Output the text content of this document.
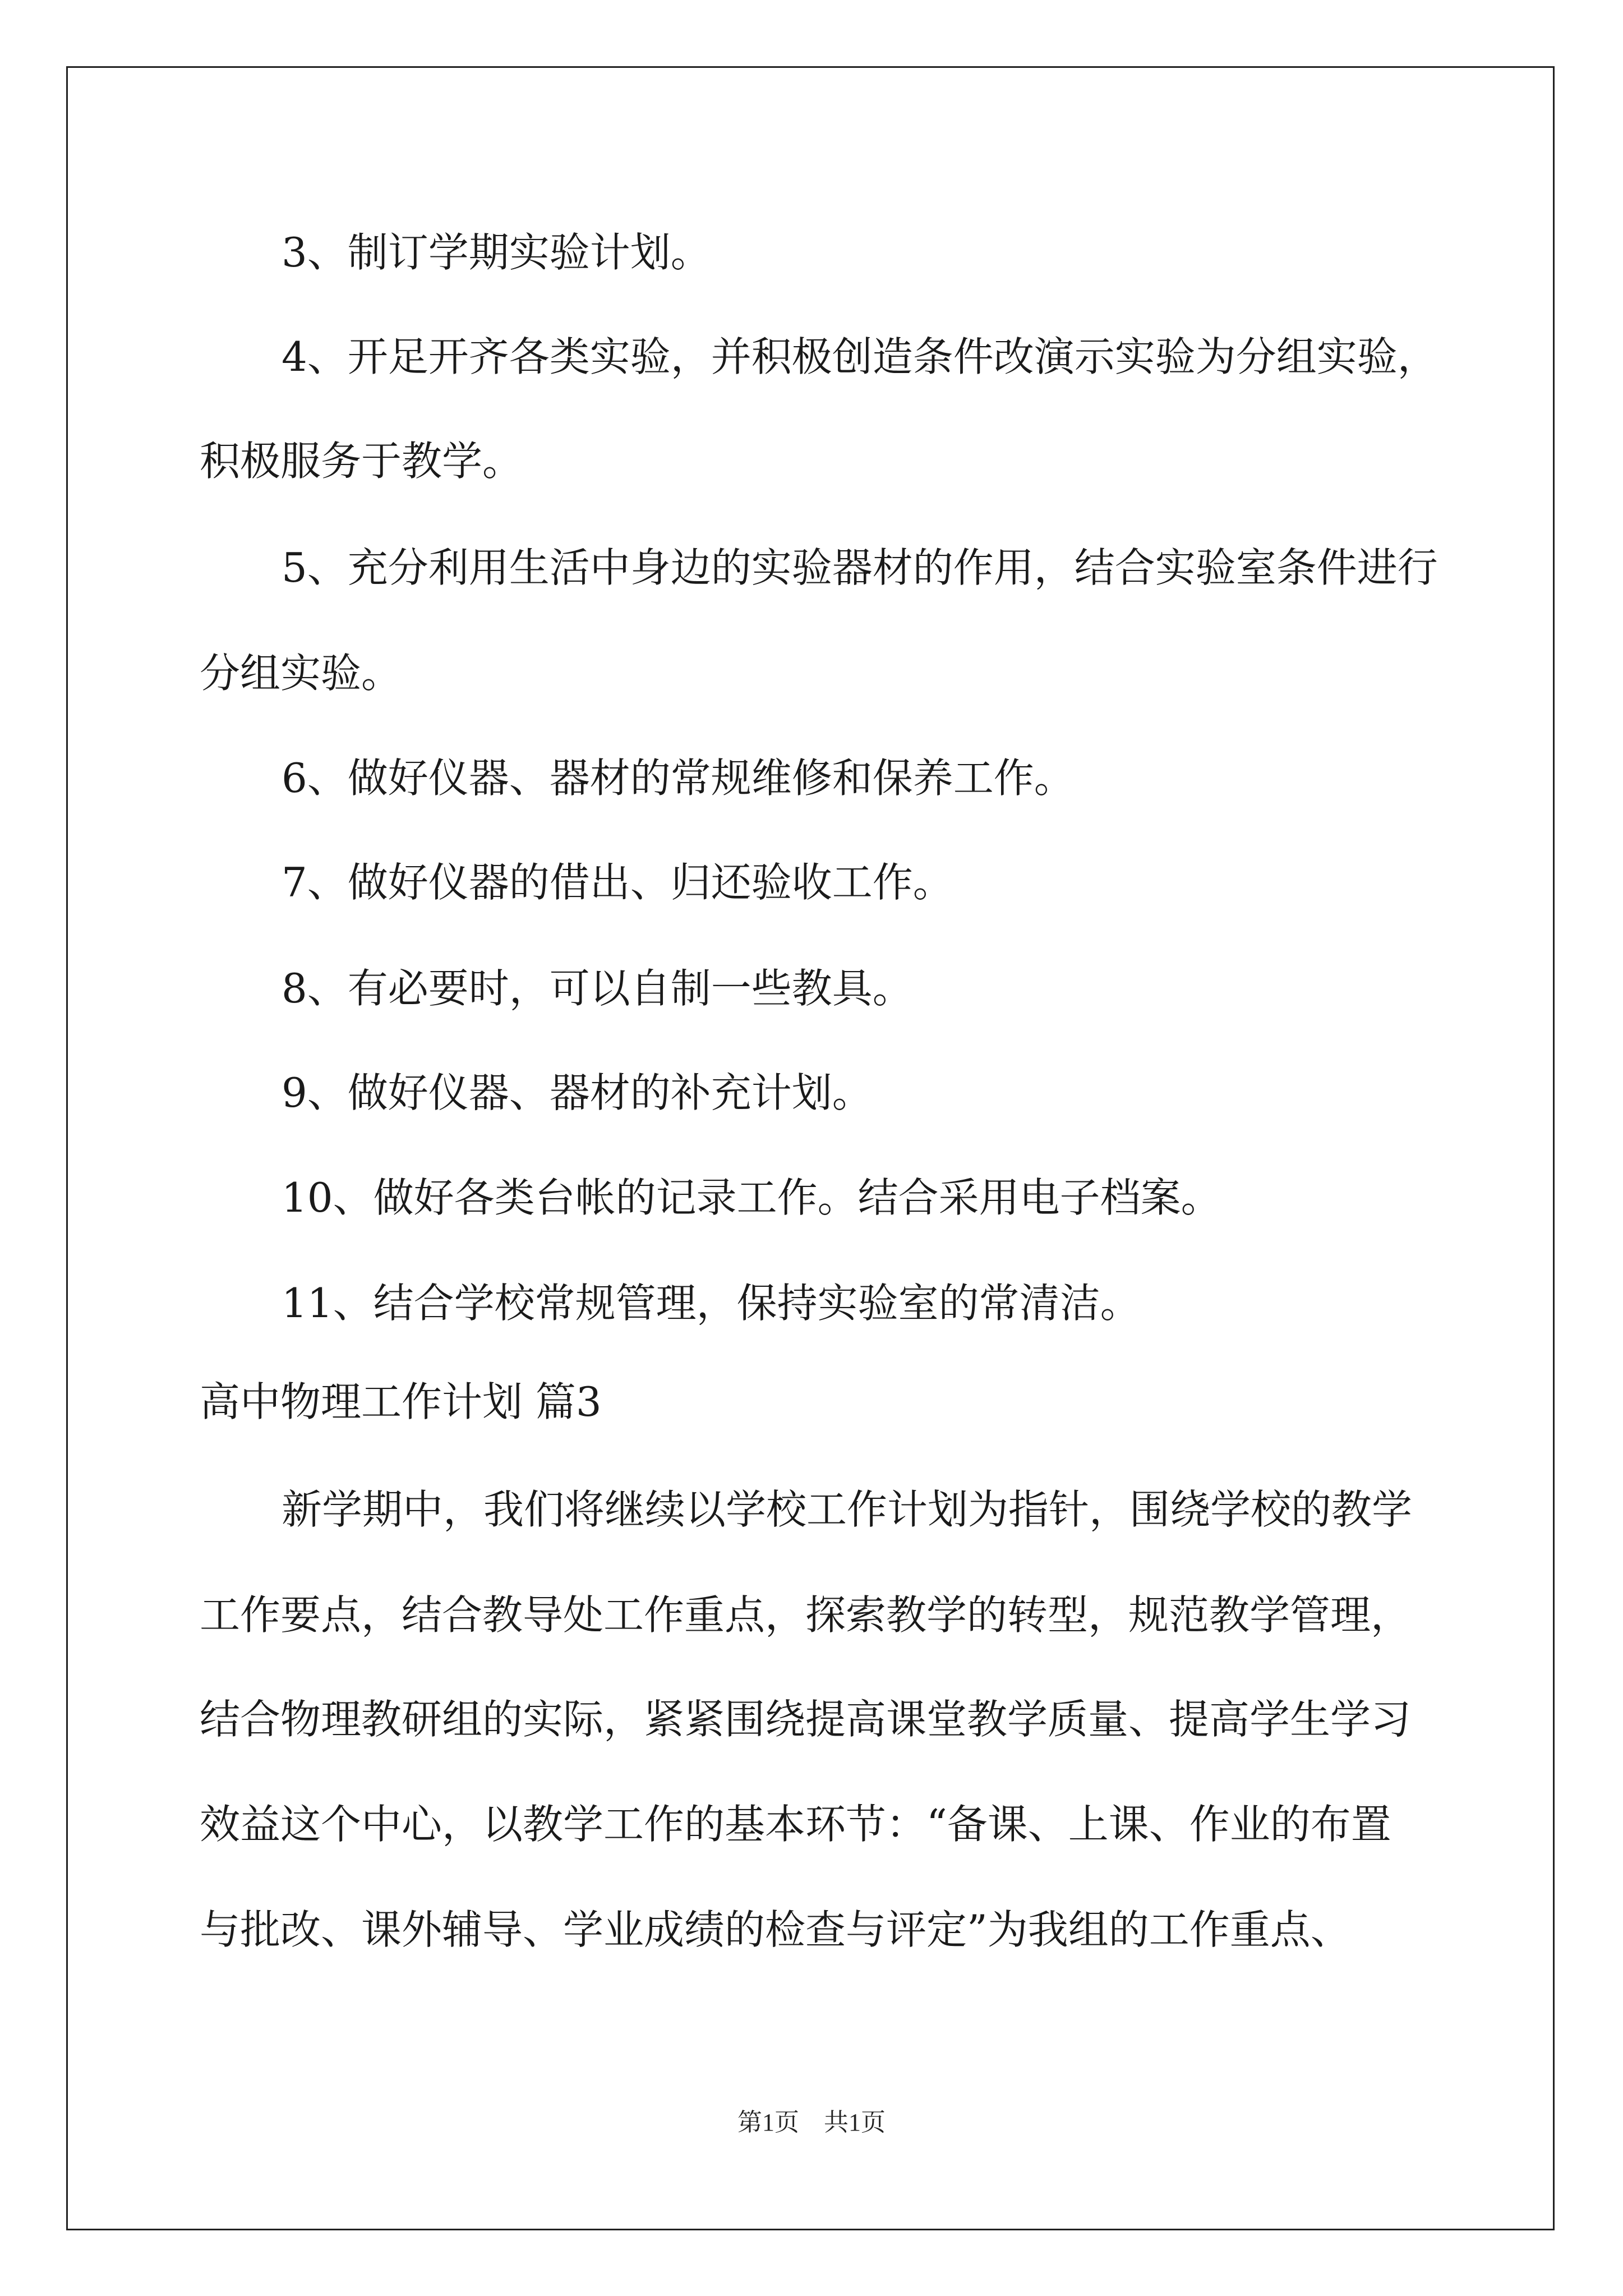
3、制订学期实验计划。

4、开足开齐各类实验，并积极创造条件改演示实验为分组实验，

积极服务于教学。

5、充分利用生活中身边的实验器材的作用，结合实验室条件进行

分组实验。

6、做好仪器、器材的常规维修和保养工作。

7、做好仪器的借出、归还验收工作。

8、有必要时，可以自制一些教具。

9、做好仪器、器材的补充计划。

10、做好各类台帐的记录工作。结合采用电子档案。

11、结合学校常规管理，保持实验室的常清洁。

高中物理工作计划 篇3

新学期中，我们将继续以学校工作计划为指针，围绕学校的教学

工作要点，结合教导处工作重点，探索教学的转型，规范教学管理，

结合物理教研组的实际，紧紧围绕提高课堂教学质量、提高学生学习

效益这个中心，以教学工作的基本环节：“备课、上课、作业的布置

与批改、课外辅导、学业成绩的检查与评定”为我组的工作重点、

第1页　共1页
